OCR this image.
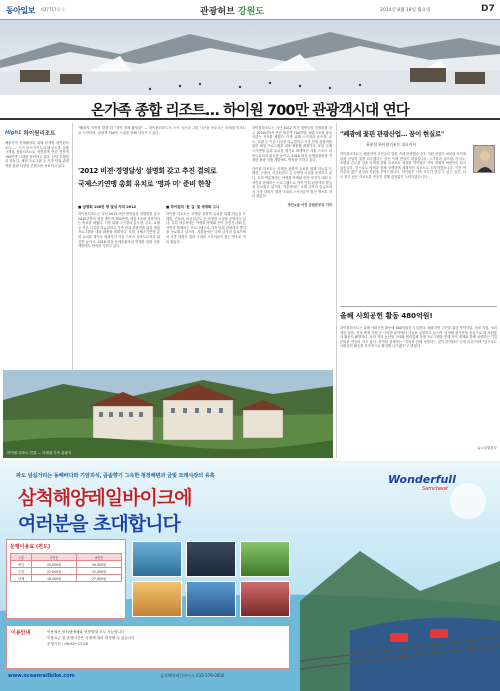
동아일보 제27717호 ⓒ	관광허브 강원도	2014년 8월 18일 월요일	D7
온가족 종합 리조트… 하이원 700만 관광객시대 연다
High1 하이원리조트
폐광지역 경제활성화 위해 탄생한 하이원리조트 — 스키·골프·카지노·호텔·콘도를 갖춘 사계절 종합리조트로 성장하며 연간 방문객 700만명 시대를 준비하고 있다. 산악 트레킹과 하늘길, 체험 프로그램 등 가족 단위 관광객을 위한 다양한 콘텐츠를 선보이고 있다.
"폐광지 자족형 발전"과 "지역 경제 활성화" — 하이원리조트가 스키 시즌과 그린 시즌을 아우르는 사계절 리조트로 도약하며, 관광객 700만 시대를 향해 나아가고 있다.
'2012 비젼·경영달성' 설명회 갖고 추진 결의로
국제스키연맹 총회 유치로 '명과 미' 준비 한창
■ 설명회 100만 명 달성 자리 2012
하이원리조트는 지난 2012 비전·경영달성 설명회를 갖고 2020년까지 연간 방문객 700만명, 매출 1조원 달성이라는 목표를 세웠다. 이를 위해 스키장과 골프장, 콘도, 호텔 등 기존 시설을 리뉴얼하고 가족 단위 관광객을 위한 체험 프로그램을 대폭 확충할 계획이다. 또한 국제스키연맹 총회 유치를 계기로 세계적인 겨울 스포츠 리조트로서의 위상을 높이고, 2018 평창 동계올림픽과 연계한 관광 상품 개발에도 박차를 가하고 있다.
■ 하이원의 '한 김' 및 세계화 그니
하이원 리조트는 사계절 관광객 유치를 위해 하늘길 트레킹, 곤돌라, 마운틴콘도 등 다양한 시설을 운영하고 있다. 특히 여름철에는 야생화 축제와 산악 자전거 대회 등 자연과 함께하는 프로그램으로 가족 단위 관광객의 발길을 사로잡고 있으며, 겨울철에는 국제 규격의 슬로프에서 각종 대회가 열려 국내외 스키어들이 찾는 명소로 자리 잡았다.
하이원리조트는 지난 2012 비전·경영달성 설명회를 갖고 2020년까지 연간 방문객 700만명, 매출 1조원 달성이라는 목표를 세웠다. 이를 위해 스키장과 골프장, 콘도, 호텔 등 기존 시설을 리뉴얼하고 가족 단위 관광객을 위한 체험 프로그램을 대폭 확충할 계획이다. 또한 국제스키연맹 총회 유치를 계기로 세계적인 겨울 스포츠 리조트로서의 위상을 높이고, 2018 평창 동계올림픽과 연계한 관광 상품 개발에도 박차를 가하고 있다.
하이원 리조트는 사계절 관광객 유치를 위해 하늘길 트레킹, 곤돌라, 마운틴콘도 등 다양한 시설을 운영하고 있다. 특히 여름철에는 야생화 축제와 산악 자전거 대회 등 자연과 함께하는 프로그램으로 가족 단위 관광객의 발길을 사로잡고 있으며, 겨울철에는 국제 규격의 슬로프에서 각종 대회가 열려 국내외 스키어들이 찾는 명소로 자리 잡았다.
정선=글·사진 강원본부장 기자
하이원 리조트 전경 — 사계절 가족 관광지
"폐광에 꽃핀 관광산업… 꿈이 현실로"
최흥집 하이원리조트 대표이사
하이원리조트는 폐광지역 주민들의 염원 속에 탄생했습니다. 석탄 산업이 쇠퇴한 자리에 관광 산업의 꽃을 피우겠다는 꿈은 이제 현실이 되었습니다. 스키장과 골프장, 카지노, 호텔과 콘도를 갖춘 사계절 종합 리조트로 성장한 하이원은 지역 경제의 버팀목이 되고 있습니다. 앞으로도 지역과 함께 상생하며 세계적인 리조트로 도약하겠습니다. 국민 여러분의 많은 관심과 성원을 부탁드립니다. 하이원은 가족 모두가 즐길 수 있는 공간, 다시 찾고 싶은 리조트를 만들기 위해 끊임없이 노력하겠습니다.
올해 사회공헌 활동 480억원!
하이원리조트는 올해 사회공헌 활동에 480억원을 투입한다. 폐광지역 주민을 위한 장학사업, 의료 지원, 소외계층 돌봄, 지역 축제 후원 등 다양한 분야에서 나눔을 실천하고 있으며, 임직원 봉사단을 중심으로 한 자원봉사 활동도 활발하다. 또한 지역 농산물 구매와 협력업체 상생 프로그램을 통해 지역 경제와 함께 성장하는 기업 문화를 만들어 가고 있다. 하이원 관계자는 "지역과 함께 성장하는 것이 하이원의 존재 이유"라며 "앞으로도 사회공헌 활동을 지속적으로 확대해 나가겠다"고 밝혔다.
글=강원본부
파도 넘실거리는 동해바다와 기암괴석, 곰솔향기 그윽한 청정해변과 금빛 모래사장의 유혹
삼척해양레일바이크에
여러분을 초대합니다
Wonderfull
Samcheok
운행이용료 (편도)
구분	2인승	4인승
평일	20,000원	30,000원
주말	22,000원	32,000원
단체	18,000원	27,000원
이용안내	이용권은 인터넷예매와 현장발권 모두 가능합니다
이용요금 및 운행시간은 사정에 따라 변경될 수 있습니다
운영시간 : 09:00~17:00
www.oceanrailbike.com	삼척해양레일바이크 033-576-0656
